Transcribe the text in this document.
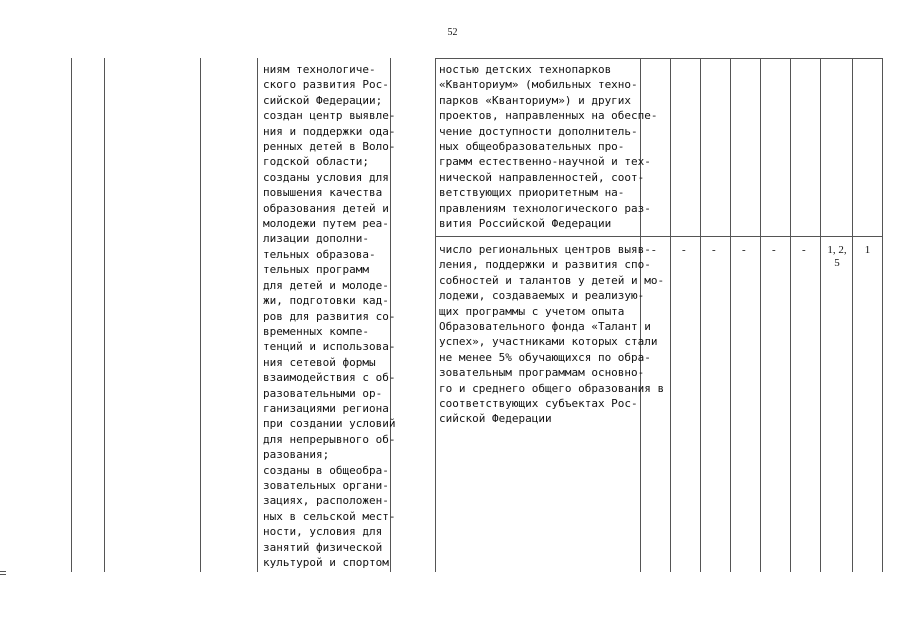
52
ниям технологиче-
ского развития Рос-
сийской Федерации;
создан центр выявле-
ния и поддержки ода-
ренных детей в Воло-
годской области;
созданы условия для
повышения качества
образования детей и
молодежи путем реа-
лизации дополни-
тельных образова-
тельных программ
для детей и молоде-
жи, подготовки кад-
ров для развития со-
временных компе-
тенций и использова-
ния сетевой формы
взаимодействия с об-
разовательными ор-
ганизациями региона
при создании условий
для непрерывного об-
разования;
созданы в общеобра-
зовательных органи-
зациях, расположен-
ных в сельской мест-
ности, условия для
занятий физической
культурой и спортом
ностью детских технопарков
«Кванториум» (мобильных техно-
парков «Кванториум») и других
проектов, направленных на обеспе-
чение доступности дополнитель-
ных общеобразовательных про-
грамм естественно-научной и тех-
нической направленностей, соот-
ветствующих приоритетным на-
правлениям технологического раз-
вития Российской Федерации
число региональных центров выяв-
ления, поддержки и развития спо-
собностей и талантов у детей и мо-
лодежи, создаваемых и реализую-
щих программы с учетом опыта
Образовательного фонда «Талант и
успех», участниками которых стали
не менее 5% обучающихся по обра-
зовательным программам основно-
го и среднего общего образования в
соответствующих субъектах Рос-
сийской Федерации
- - - - - -	1, 2,
5
1
